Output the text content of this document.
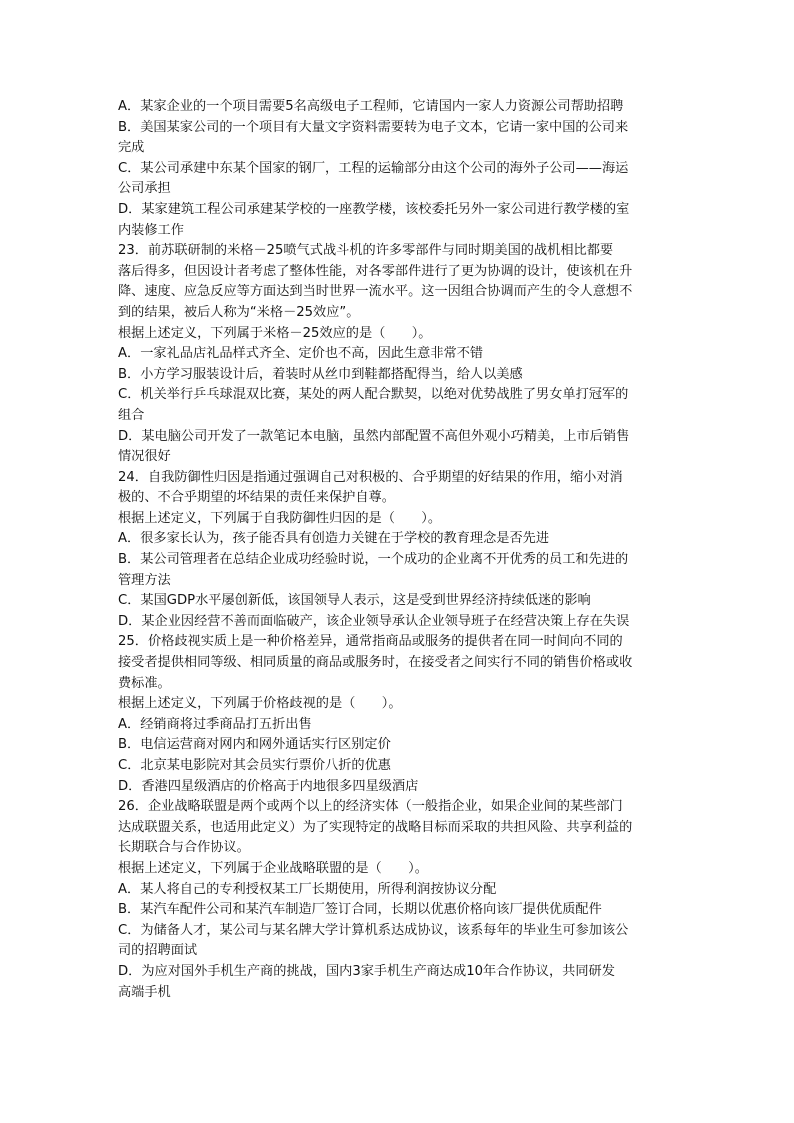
A．某家企业的一个项目需要5名高级电子工程师，它请国内一家人力资源公司帮助招聘
B．美国某家公司的一个项目有大量文字资料需要转为电子文本，它请一家中国的公司来
完成
C．某公司承建中东某个国家的钢厂，工程的运输部分由这个公司的海外子公司——海运
公司承担
D．某家建筑工程公司承建某学校的一座教学楼，该校委托另外一家公司进行教学楼的室
内装修工作
23．前苏联研制的米格－25喷气式战斗机的许多零部件与同时期美国的战机相比都要
落后得多，但因设计者考虑了整体性能，对各零部件进行了更为协调的设计，使该机在升
降、速度、应急反应等方面达到当时世界一流水平。这一因组合协调而产生的令人意想不
到的结果，被后人称为“米格－25效应”。
根据上述定义，下列属于米格－25效应的是（　　）。
A．一家礼品店礼品样式齐全、定价也不高，因此生意非常不错
B．小方学习服装设计后，着装时从丝巾到鞋都搭配得当，给人以美感
C．机关举行乒乓球混双比赛，某处的两人配合默契，以绝对优势战胜了男女单打冠军的
组合
D．某电脑公司开发了一款笔记本电脑，虽然内部配置不高但外观小巧精美，上市后销售
情况很好
24．自我防御性归因是指通过强调自己对积极的、合乎期望的好结果的作用，缩小对消
极的、不合乎期望的坏结果的责任来保护自尊。
根据上述定义，下列属于自我防御性归因的是（　　）。
A．很多家长认为，孩子能否具有创造力关键在于学校的教育理念是否先进
B．某公司管理者在总结企业成功经验时说，一个成功的企业离不开优秀的员工和先进的
管理方法
C．某国GDP水平屡创新低，该国领导人表示，这是受到世界经济持续低迷的影响
D．某企业因经营不善而面临破产，该企业领导承认企业领导班子在经营决策上存在失误
25．价格歧视实质上是一种价格差异，通常指商品或服务的提供者在同一时间向不同的
接受者提供相同等级、相同质量的商品或服务时，在接受者之间实行不同的销售价格或收
费标准。
根据上述定义，下列属于价格歧视的是（　　）。
A．经销商将过季商品打五折出售
B．电信运营商对网内和网外通话实行区别定价
C．北京某电影院对其会员实行票价八折的优惠
D．香港四星级酒店的价格高于内地很多四星级酒店
26．企业战略联盟是两个或两个以上的经济实体（一般指企业，如果企业间的某些部门
达成联盟关系，也适用此定义）为了实现特定的战略目标而采取的共担风险、共享利益的
长期联合与合作协议。
根据上述定义，下列属于企业战略联盟的是（　　）。
A．某人将自己的专利授权某工厂长期使用，所得利润按协议分配
B．某汽车配件公司和某汽车制造厂签订合同，长期以优惠价格向该厂提供优质配件
C．为储备人才，某公司与某名牌大学计算机系达成协议，该系每年的毕业生可参加该公
司的招聘面试
D．为应对国外手机生产商的挑战，国内3家手机生产商达成10年合作协议，共同研发
高端手机
